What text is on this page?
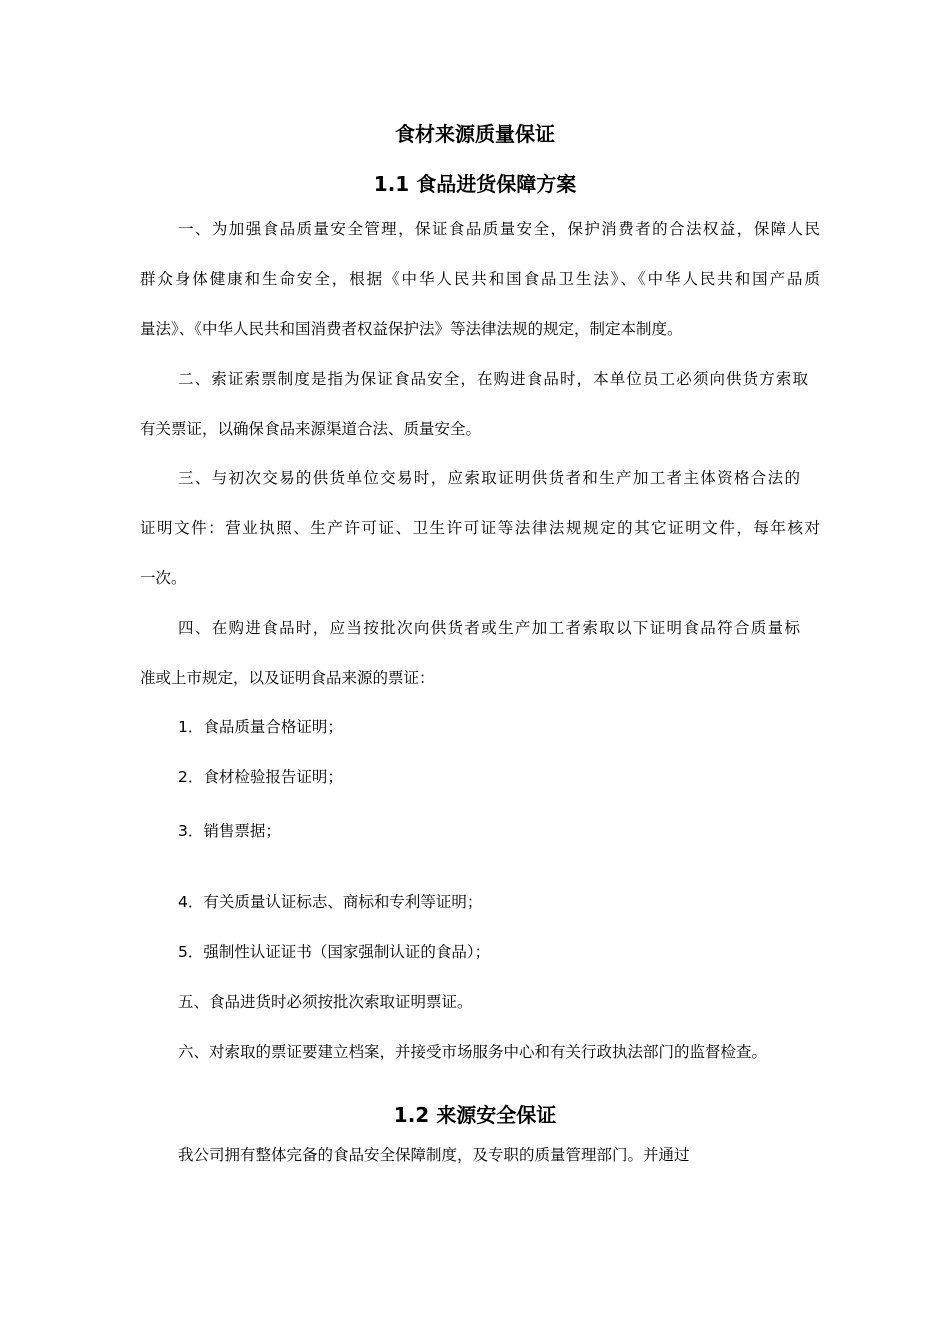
食材来源质量保证
1.1 食品进货保障方案
一、为加强食品质量安全管理，保证食品质量安全，保护消费者的合法权益，保障人民
群众身体健康和生命安全，根据《中华人民共和国食品卫生法》、《中华人民共和国产品质
量法》、《中华人民共和国消费者权益保护法》等法律法规的规定，制定本制度。
二、索证索票制度是指为保证食品安全，在购进食品时，本单位员工必须向供货方索取
有关票证，以确保食品来源渠道合法、质量安全。
三、与初次交易的供货单位交易时，应索取证明供货者和生产加工者主体资格合法的
证明文件：营业执照、生产许可证、卫生许可证等法律法规规定的其它证明文件，每年核对
一次。
四、在购进食品时，应当按批次向供货者或生产加工者索取以下证明食品符合质量标
准或上市规定，以及证明食品来源的票证：
1．食品质量合格证明；
2．食材检验报告证明；
3．销售票据；
4．有关质量认证标志、商标和专利等证明；
5．强制性认证证书（国家强制认证的食品）；
五、食品进货时必须按批次索取证明票证。
六、对索取的票证要建立档案，并接受市场服务中心和有关行政执法部门的监督检查。
1.2 来源安全保证
我公司拥有整体完备的食品安全保障制度，及专职的质量管理部门。并通过
